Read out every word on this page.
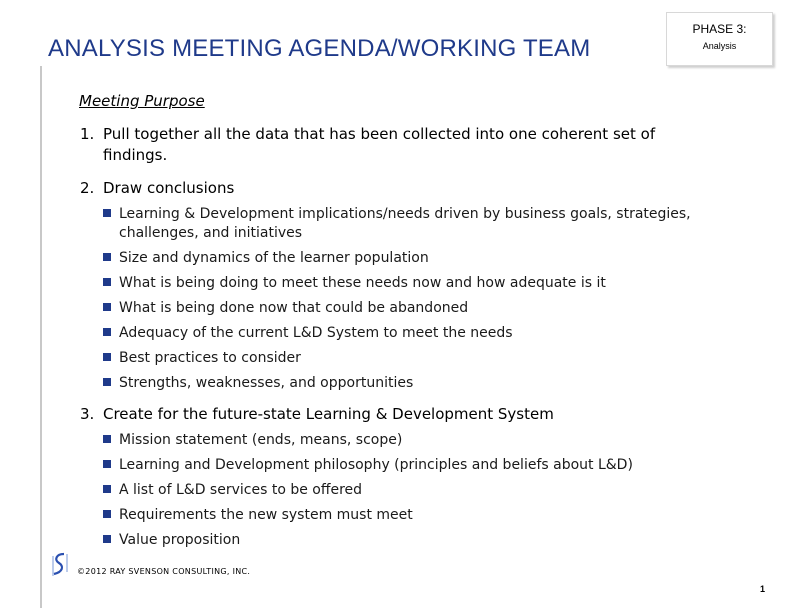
ANALYSIS MEETING AGENDA/WORKING TEAM
PHASE 3:
Analysis
Meeting Purpose
1. Pull together all the data that has been collected into one coherent set of
findings.
2. Draw conclusions
Learning & Development implications/needs driven by business goals, strategies,
challenges, and initiatives
Size and dynamics of the learner population
What is being doing to meet these needs now and how adequate is it
What is being done now that could be abandoned
Adequacy of the current L&D System to meet the needs
Best practices to consider
Strengths, weaknesses, and opportunities
3. Create for the future-state Learning & Development System
Mission statement (ends, means, scope)
Learning and Development philosophy (principles and beliefs about L&D)
A list of L&D services to be offered
Requirements the new system must meet
Value proposition
©2012 RAY SVENSON CONSULTING, INC.
1
